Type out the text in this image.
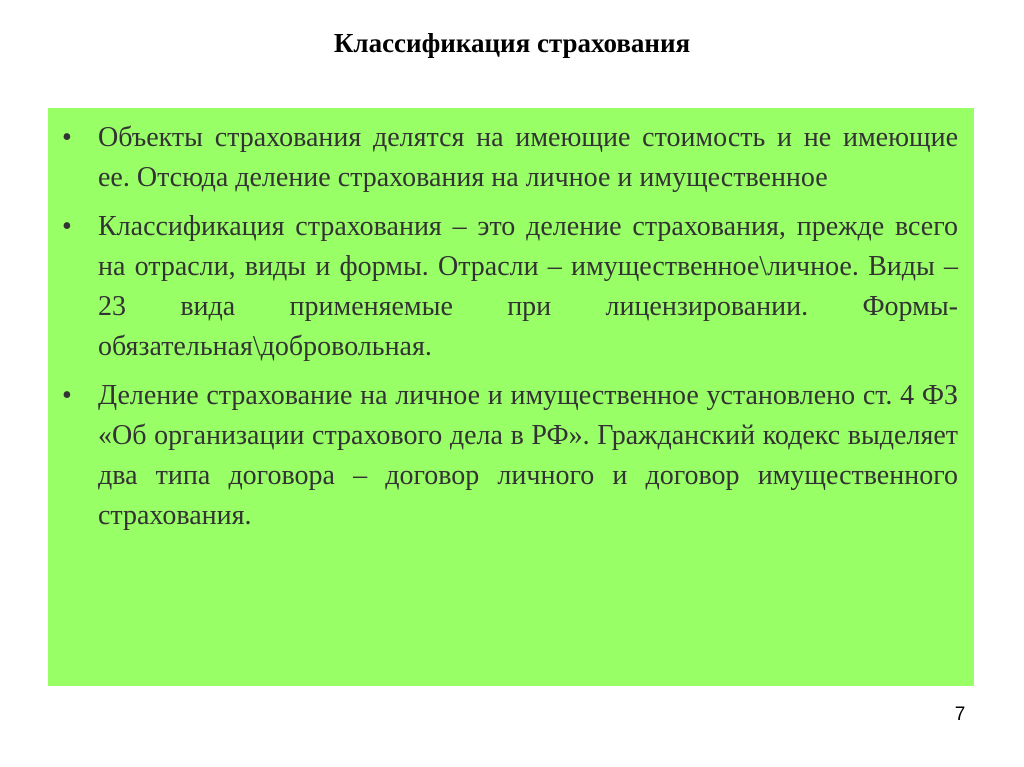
Классификация страхования
• Объекты страхования делятся на имеющие стоимость и не имеющие ее. Отсюда деление страхования на личное и имущественное
• Классификация страхования – это деление страхования, прежде всего на отрасли, виды и формы. Отрасли – имущественное\личное. Виды – 23 вида применяемые при лицензировании. Формы- обязательная\добровольная.
• Деление страхование на личное и имущественное установлено ст. 4 ФЗ «Об организации страхового дела в РФ». Гражданский кодекс выделяет два типа договора – договор личного и договор имущественного страхования.
7
